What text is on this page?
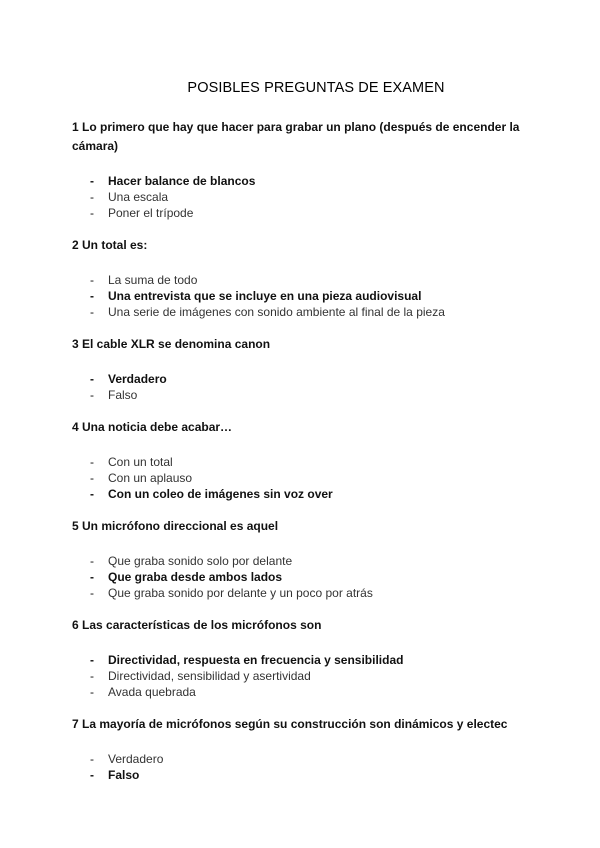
POSIBLES PREGUNTAS DE EXAMEN

1 Lo primero que hay que hacer para grabar un plano (después de encender la cámara)

- Hacer balance de blancos
- Una escala
- Poner el trípode

2 Un total es:

- La suma de todo
- Una entrevista que se incluye en una pieza audiovisual
- Una serie de imágenes con sonido ambiente al final de la pieza

3 El cable XLR se denomina canon

- Verdadero
- Falso

4 Una noticia debe acabar…

- Con un total
- Con un aplauso
- Con un coleo de imágenes sin voz over

5 Un micrófono direccional es aquel

- Que graba sonido solo por delante
- Que graba desde ambos lados
- Que graba sonido por delante y un poco por atrás

6 Las características de los micrófonos son

- Directividad, respuesta en frecuencia y sensibilidad
- Directividad, sensibilidad y asertividad
- Avada quebrada

7 La mayoría de micrófonos según su construcción son dinámicos y electec

- Verdadero
- Falso
